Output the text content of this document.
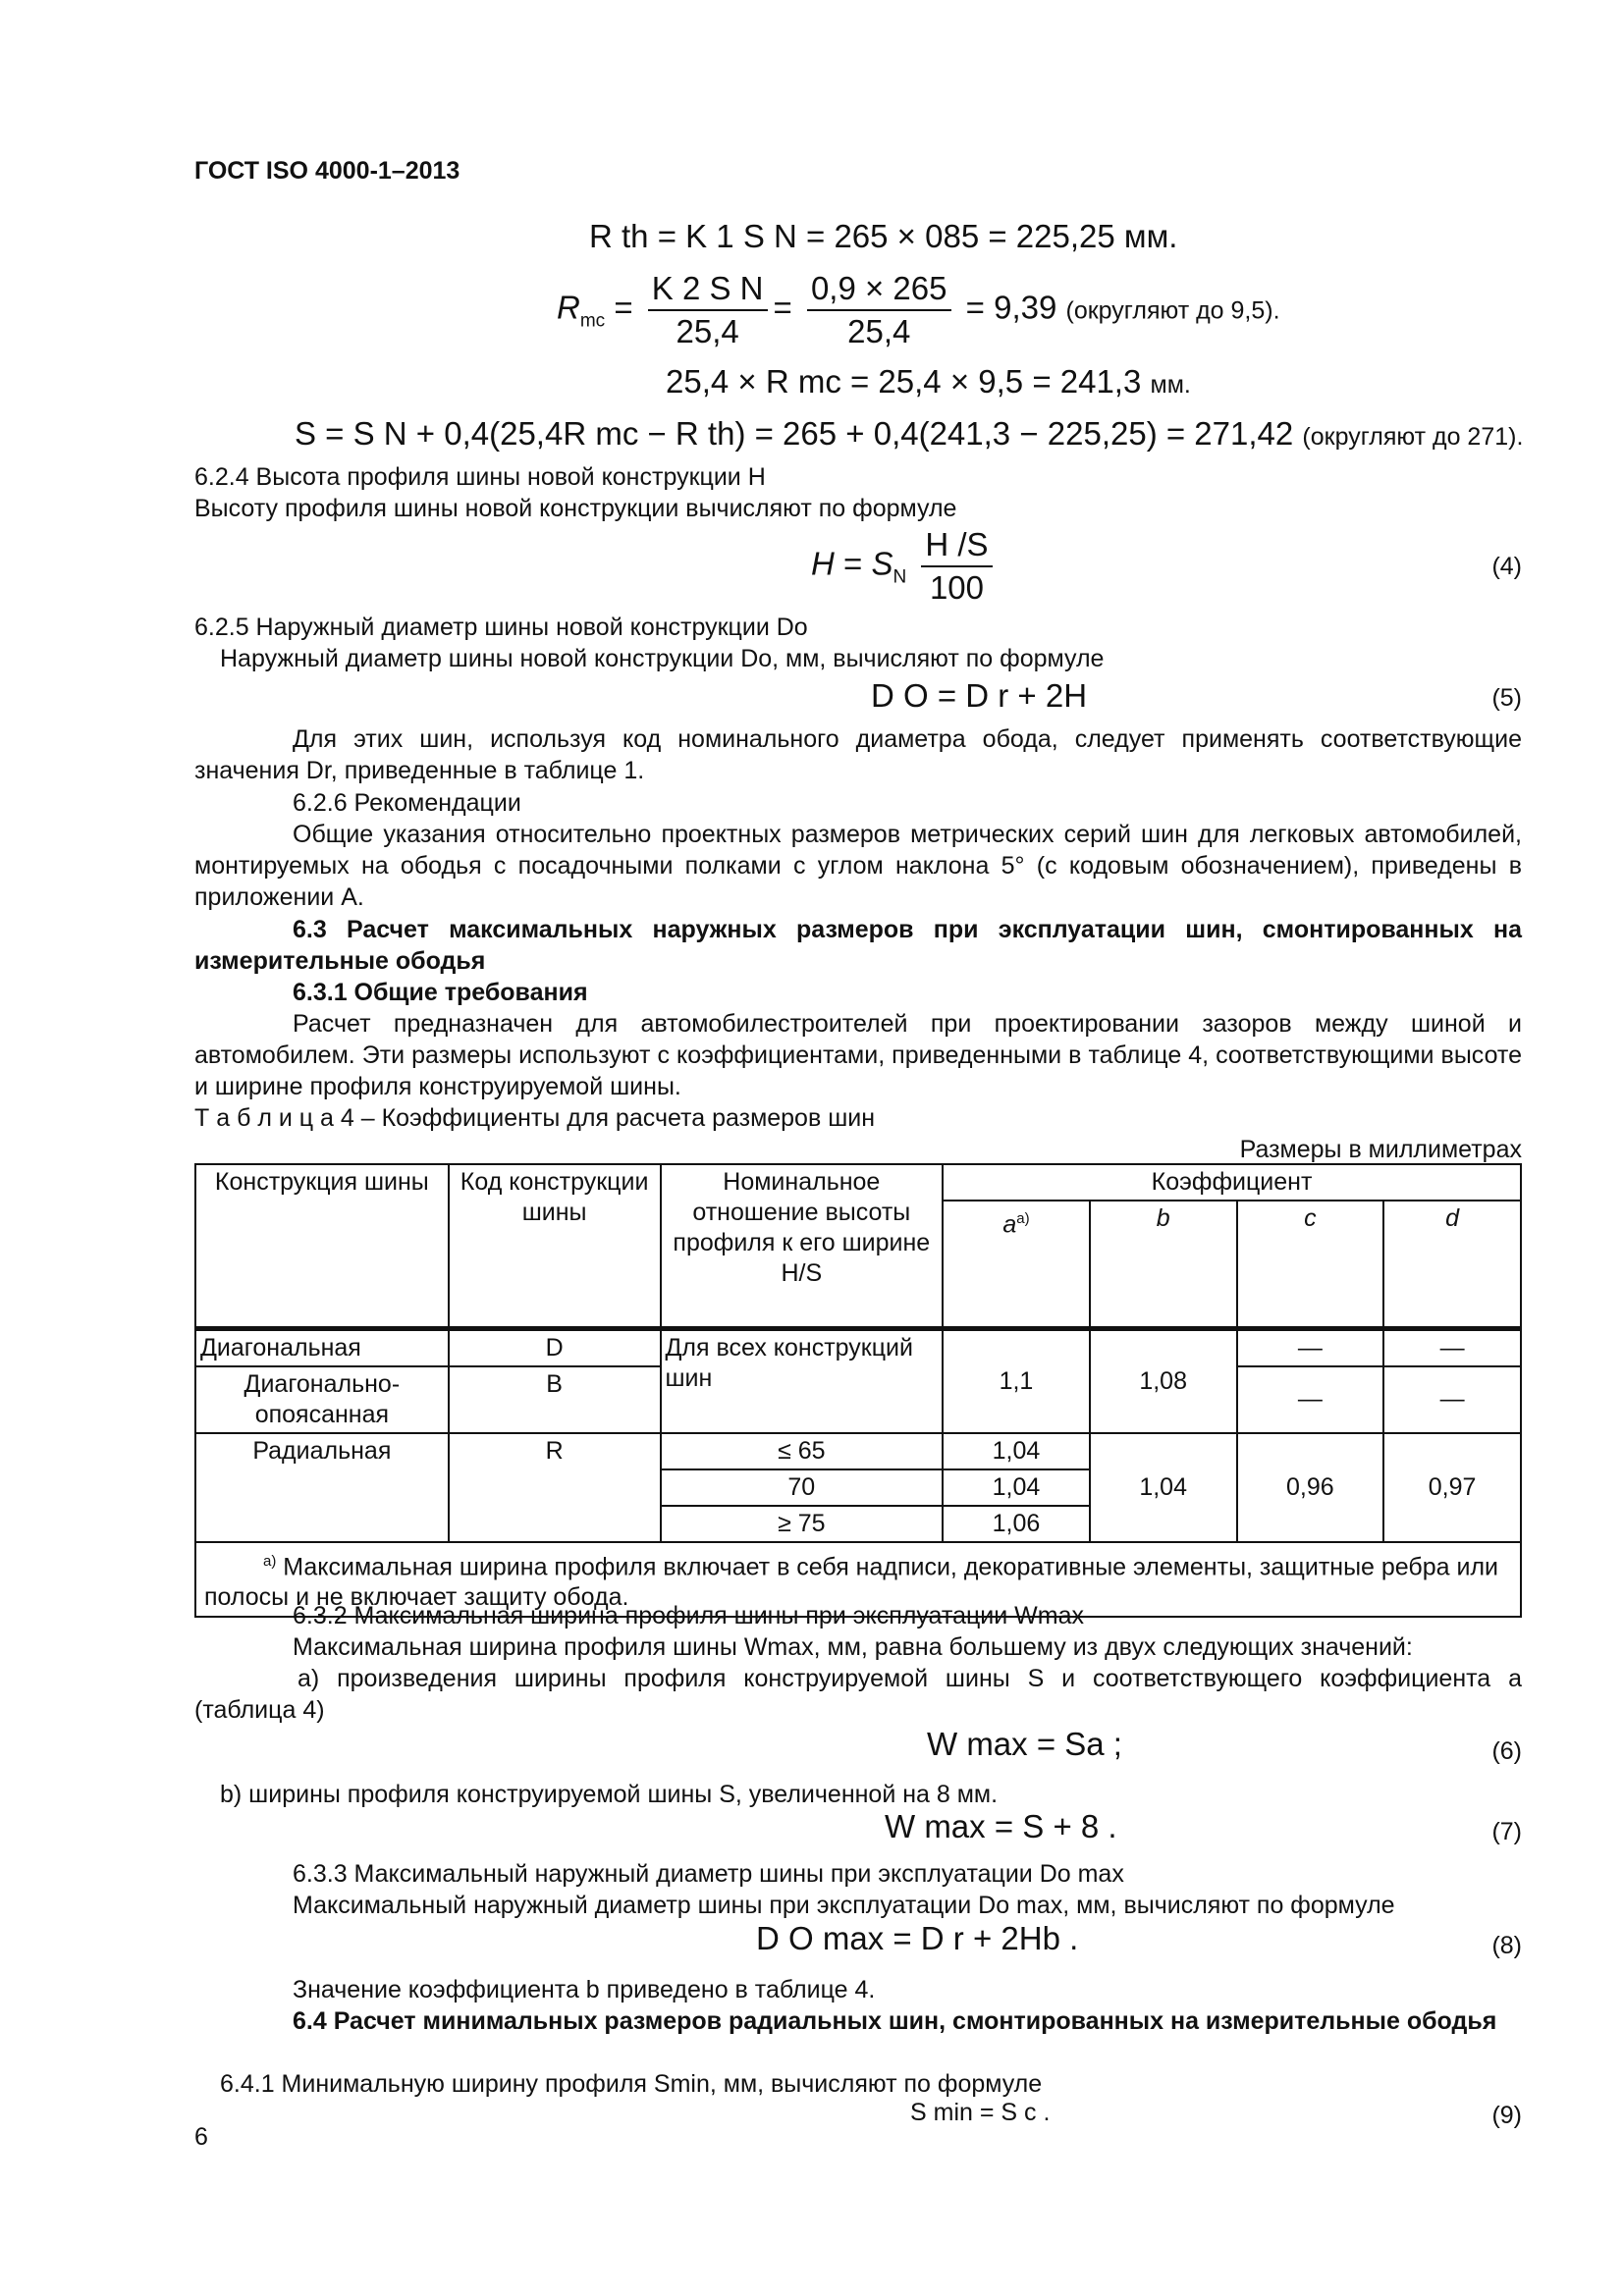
ГОСТ ISO 4000-1–2013
R th = K 1 S N = 265 × 085 = 225,25 мм.
$R_{mc} = \frac{\text{K 2 S N}}{25,4} = \frac{0,9 \times 265}{25,4} = 9,39$ (округляют до 9,5).
25,4 × R mc = 25,4 × 9,5 = 241,3 мм.
S = S N + 0,4(25,4R mc − R th) = 265 + 0,4(241,3 − 225,25) = 271,42 (округляют до 271).
6.2.4 Высота профиля шины новой конструкции H
Высоту профиля шины новой конструкции вычисляют по формуле
$H = S_N \frac{H /S}{100}$	(4)
6.2.5 Наружный диаметр шины новой конструкции Do
Наружный диаметр шины новой конструкции Do, мм, вычисляют по формуле
D O = D r + 2H	(5)
Для этих шин, используя код номинального диаметра обода, следует применять соответствующие значения Dr, приведенные в таблице 1.
6.2.6 Рекомендации
Общие указания относительно проектных размеров метрических серий шин для легковых автомобилей, монтируемых на ободья с посадочными полками с углом наклона 5° (с кодовым обозначением), приведены в приложении А.
6.3 Расчет максимальных наружных размеров при эксплуатации шин, смонтированных на измерительные ободья
6.3.1 Общие требования
Расчет предназначен для автомобилестроителей при проектировании зазоров между шиной и автомобилем. Эти размеры используют с коэффициентами, приведенными в таблице 4, соответствующими высоте и ширине профиля конструируемой шины.
Т а б л и ц а 4 – Коэффициенты для расчета размеров шин
Размеры в миллиметрах
Конструкция шины	Код конструкции шины	Номинальное отношение высоты профиля к его ширине H/S	Коэффициент			
			$a^{a)}$	b	c	d
Диагональная	D	Для всех конструкций шин	1,1	1,08	—	—
Диагонально-опоясанная	B				—	—
Радиальная	R	≤ 65	1,04	1,04	0,96	0,97
		70	1,04			
		≥ 75	1,06			
$^{а)}$ Максимальная ширина профиля включает в себя надписи, декоративные элементы, защитные ребра или полосы и не включает защиту обода.						
6.3.2 Максимальная ширина профиля шины при эксплуатации Wmax
Максимальная ширина профиля шины Wmax, мм, равна большему из двух следующих значений:
а) произведения ширины профиля конструируемой шины S и соответствующего коэффициента а (таблица 4)
W max = Sa ;	(6)
b) ширины профиля конструируемой шины S, увеличенной на 8 мм.
W max = S + 8 .	(7)
6.3.3 Максимальный наружный диаметр шины при эксплуатации Do max
Максимальный наружный диаметр шины при эксплуатации Do max, мм, вычисляют по формуле
D O max = D r + 2Hb .	(8)
Значение коэффициента b приведено в таблице 4.
6.4 Расчет минимальных размеров радиальных шин, смонтированных на измерительные ободья
6.4.1 Минимальную ширину профиля Smin, мм, вычисляют по формуле
S min = S c .	(9)
6
